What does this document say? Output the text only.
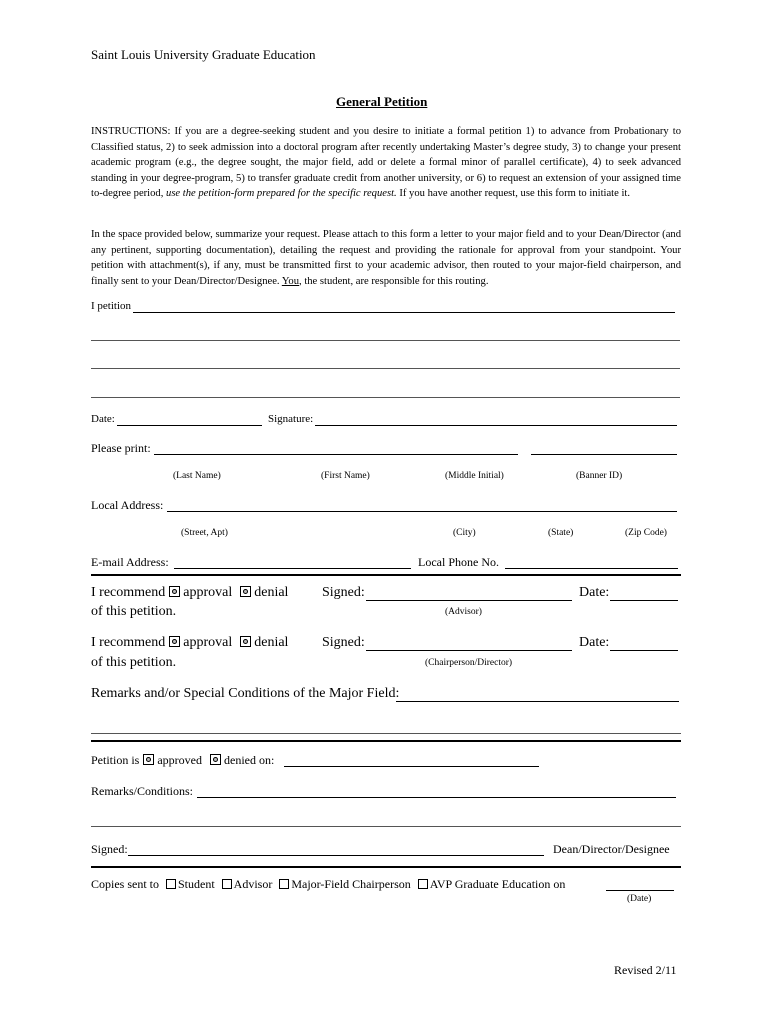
Saint Louis University Graduate Education
General Petition
INSTRUCTIONS: If you are a degree-seeking student and you desire to initiate a formal petition 1) to advance from Probationary to Classified status, 2) to seek admission into a doctoral program after recently undertaking Master’s degree study, 3) to change your present academic program (e.g., the degree sought, the major field, add or delete a formal minor of parallel certificate), 4) to seek advanced standing in your degree-program, 5) to transfer graduate credit from another university, or 6) to request an extension of your assigned time to-degree period, use the petition-form prepared for the specific request. If you have another request, use this form to initiate it.
In the space provided below, summarize your request. Please attach to this form a letter to your major field and to your Dean/Director (and any pertinent, supporting documentation), detailing the request and providing the rationale for approval from your standpoint. Your petition with attachment(s), if any, must be transmitted first to your academic advisor, then routed to your major-field chairperson, and finally sent to your Dean/Director/Designee. You, the student, are responsible for this routing.
I petition
Date:	Signature:
Please print:
(Last Name)	(First Name)	(Middle Initial)	(Banner ID)
Local Address:
(Street, Apt)	(City)	(State)	(Zip Code)
E-mail Address:	Local Phone No.
I recommend approval denial
of this petition.
Signed:	Date:
(Advisor)
I recommend approval denial
of this petition.
Signed:	Date:
(Chairperson/Director)
Remarks and/or Special Conditions of the Major Field:
Petition is approved denied on:
Remarks/Conditions:
Signed:	Dean/Director/Designee
Copies sent to Student Advisor Major-Field Chairperson AVP Graduate Education on
(Date)
Revised 2/11
